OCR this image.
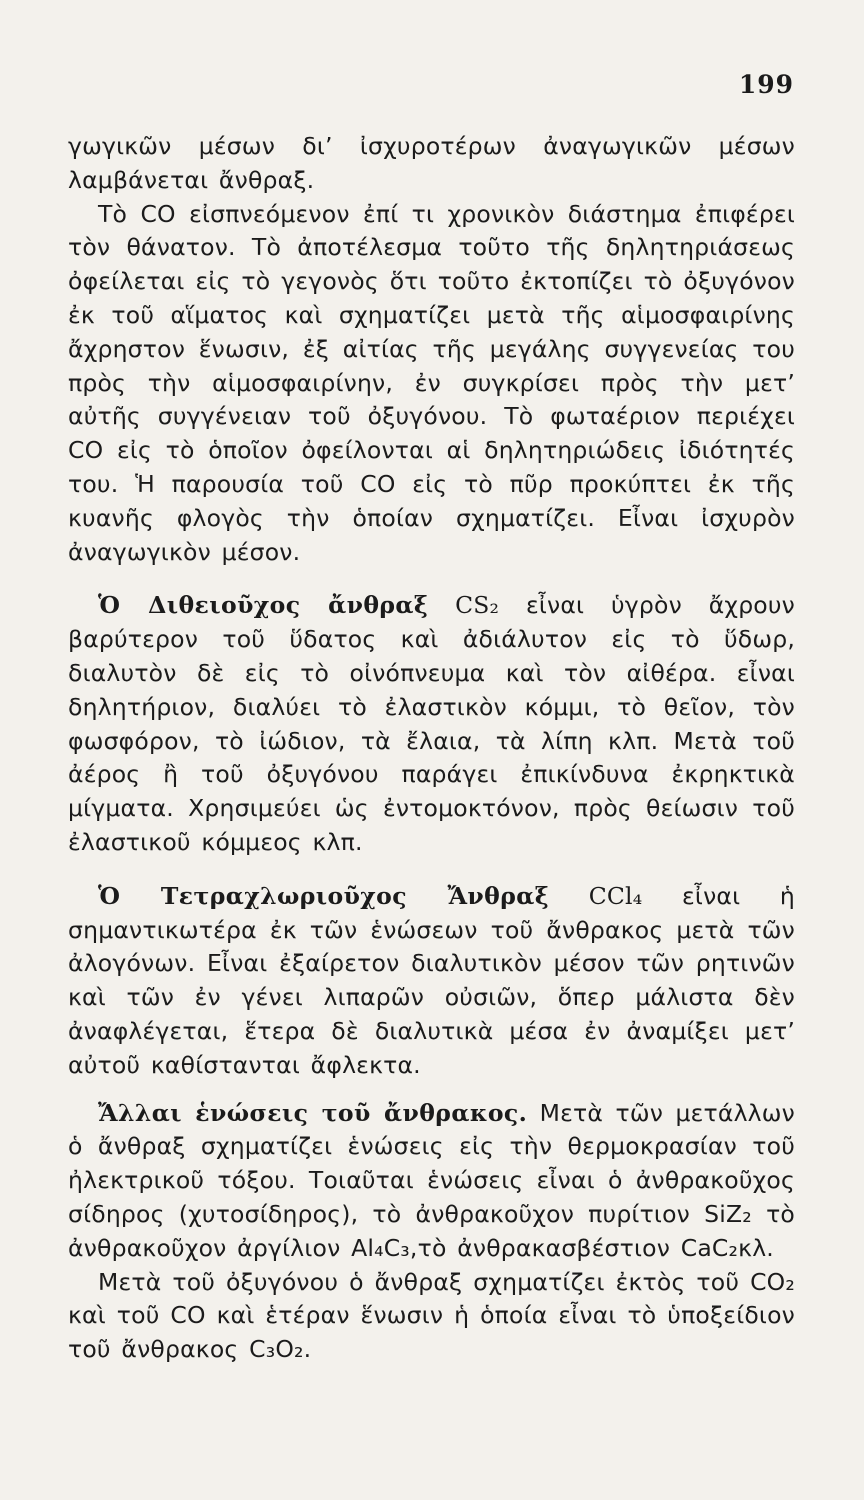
199

γωγικῶν μέσων δι’ ἰσχυροτέρων ἀναγωγικῶν μέσων λαμβάνεται ἄνθραξ.

Τὸ CO εἰσπνεόμενον ἐπί τι χρονικὸν διάστημα ἐπιφέρει τὸν θάνατον. Τὸ ἀποτέλεσμα τοῦτο τῆς δηλητηριάσεως ὀφείλεται εἰς τὸ γεγονὸς ὅτι τοῦτο ἐκτοπίζει τὸ ὀξυγόνον ἐκ τοῦ αἵματος καὶ σχηματίζει μετὰ τῆς αἱμοσφαιρίνης ἄχρηστον ἕνωσιν, ἐξ αἰτίας τῆς μεγάλης συγγενείας του πρὸς τὴν αἱμοσφαιρίνην, ἐν συγκρίσει πρὸς τὴν μετ’ αὐτῆς συγγένειαν τοῦ ὀξυγόνου. Τὸ φωταέριον περιέχει CO εἰς τὸ ὁποῖον ὀφείλονται αἱ δηλητηριώδεις ἰδιότητές του. Ἡ παρουσία τοῦ CO εἰς τὸ πῦρ προκύπτει ἐκ τῆς κυανῆς φλογὸς τὴν ὁποίαν σχηματίζει. Εἶναι ἰσχυρὸν ἀναγωγικὸν μέσον.

Ὁ Διθειοῦχος ἄνθραξ CS₂ εἶναι ὑγρὸν ἄχρουν βαρύτερον τοῦ ὕδατος καὶ ἀδιάλυτον εἰς τὸ ὕδωρ, διαλυτὸν δὲ εἰς τὸ οἰνόπνευμα καὶ τὸν αἰθέρα. εἶναι δηλητήριον, διαλύει τὸ ἐλαστικὸν κόμμι, τὸ θεῖον, τὸν φωσφόρον, τὸ ἰώδιον, τὰ ἔλαια, τὰ λίπη κλπ. Μετὰ τοῦ ἀέρος ἢ τοῦ ὀξυγόνου παράγει ἐπικίνδυνα ἐκρηκτικὰ μίγματα. Χρησιμεύει ὡς ἐντομοκτόνον, πρὸς θείωσιν τοῦ ἐλαστικοῦ κόμμεος κλπ.

Ὁ Τετραχλωριοῦχος Ἄνθραξ CCl₄ εἶναι ἡ σημαντικωτέρα ἐκ τῶν ἑνώσεων τοῦ ἄνθρακος μετὰ τῶν ἀλογόνων. Εἶναι ἐξαίρετον διαλυτικὸν μέσον τῶν ρητινῶν καὶ τῶν ἐν γένει λιπαρῶν οὐσιῶν, ὅπερ μάλιστα δὲν ἀναφλέγεται, ἕτερα δὲ διαλυτικὰ μέσα ἐν ἀναμίξει μετ’ αὐτοῦ καθίστανται ἄφλεκτα.

Ἄλλαι ἑνώσεις τοῦ ἄνθρακος. Μετὰ τῶν μετάλλων ὁ ἄνθραξ σχηματίζει ἑνώσεις εἰς τὴν θερμοκρασίαν τοῦ ἠλεκτρικοῦ τόξου. Τοιαῦται ἑνώσεις εἶναι ὁ ἀνθρακοῦχος σίδηρος (χυτοσίδηρος), τὸ ἀνθρακοῦχον πυρίτιον SiZ₂ τὸ ἀνθρακοῦχον ἀργίλιον Al₄C₃,τὸ ἀνθρακασβέστιον CaC₂κλ.

Μετὰ τοῦ ὀξυγόνου ὁ ἄνθραξ σχηματίζει ἐκτὸς τοῦ CO₂ καὶ τοῦ CO καὶ ἑτέραν ἕνωσιν ἡ ὁποία εἶναι τὸ ὑποξείδιον τοῦ ἄνθρακος C₃O₂.
